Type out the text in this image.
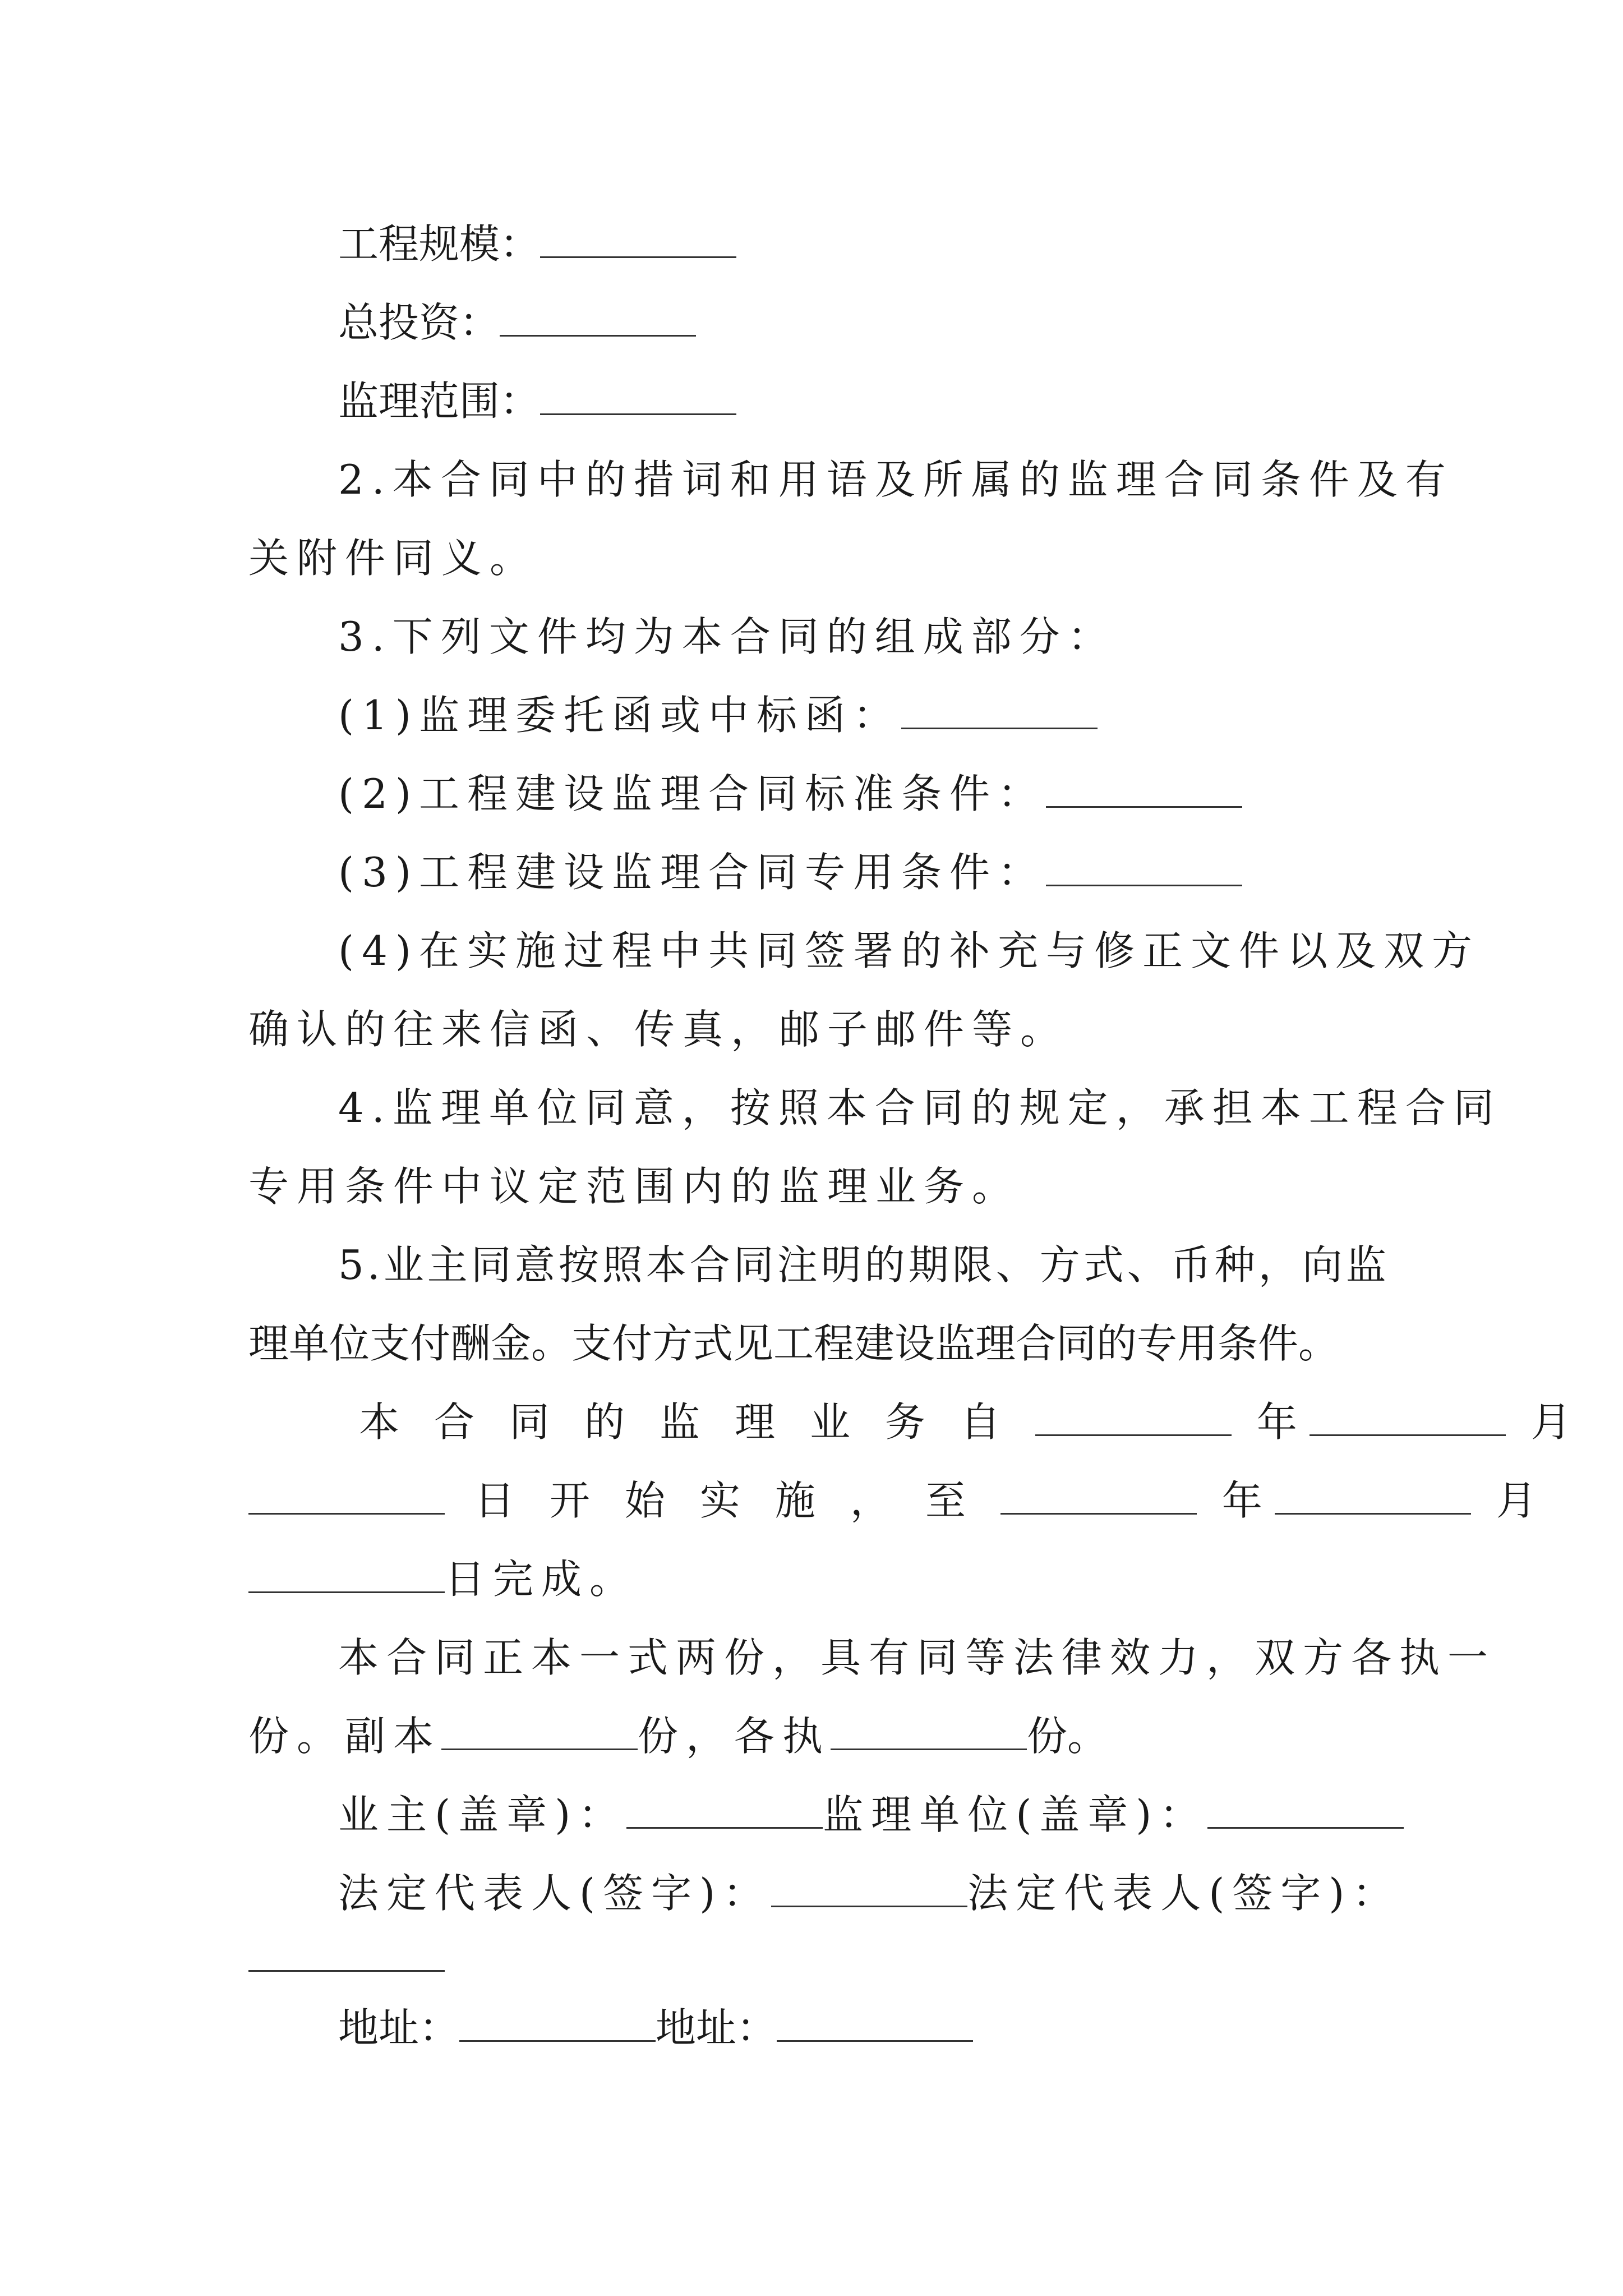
工程规模：
总投资：
监理范围：
2.本合同中的措词和用语及所属的监理合同条件及有
关附件同义。
3.下列文件均为本合同的组成部分：
(1)监理委托函或中标函：
(2)工程建设监理合同标准条件：
(3)工程建设监理合同专用条件：
(4)在实施过程中共同签署的补充与修正文件以及双方
确认的往来信函、传真，邮子邮件等。
4.监理单位同意，按照本合同的规定，承担本工程合同
专用条件中议定范围内的监理业务。
5.业主同意按照本合同注明的期限、方式、币种，向监
理单位支付酬金。支付方式见工程建设监理合同的专用条件。
本合同的监理业务自	年	月
日开始实施，至	年	月
日完成。
本合同正本一式两份，具有同等法律效力，双方各执一
份。副本	份，各执	份。
业主(盖章)：	监理单位(盖章)：
法定代表人(签字)：	法定代表人(签字)：
地址：	地址：
